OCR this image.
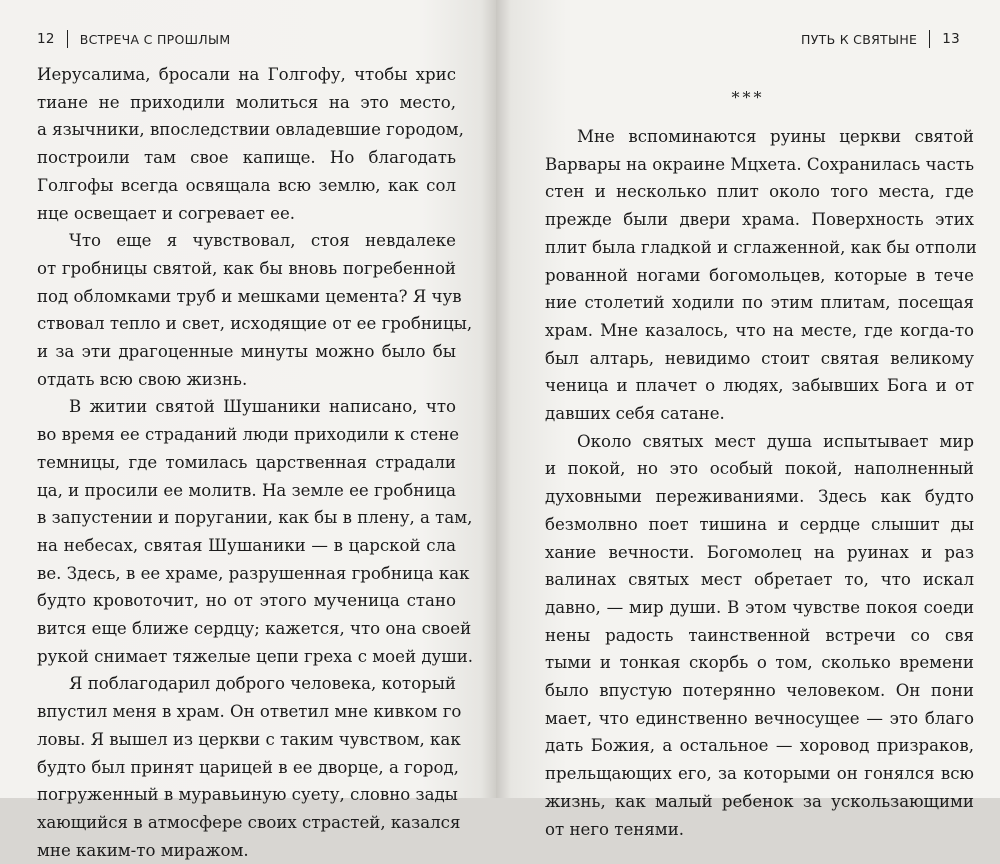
12 ВСТРЕЧА С ПРОШЛЫМ
Иерусалима, бросали на Голгофу, чтобы хрис
тиане не приходили молиться на это место,
а язычники, впоследствии овладевшие городом,
построили там свое капище. Но благодать
Голгофы всегда освящала всю землю, как сол
нце освещает и согревает ее.
Что еще я чувствовал, стоя невдалеке
от гробницы святой, как бы вновь погребенной
под обломками труб и мешками цемента? Я чув
ствовал тепло и свет, исходящие от ее гробницы,
и за эти драгоценные минуты можно было бы
отдать всю свою жизнь.
В житии святой Шушаники написано, что
во время ее страданий люди приходили к стене
темницы, где томилась царственная страдали
ца, и просили ее молитв. На земле ее гробница
в запустении и поругании, как бы в плену, а там,
на небесах, святая Шушаники — в царской сла
ве. Здесь, в ее храме, разрушенная гробница как
будто кровоточит, но от этого мученица стано
вится еще ближе сердцу; кажется, что она своей
рукой снимает тяжелые цепи греха с моей души.
Я поблагодарил доброго человека, который
впустил меня в храм. Он ответил мне кивком го
ловы. Я вышел из церкви с таким чувством, как
будто был принят царицей в ее дворце, а город,
погруженный в муравьиную суету, словно зады
хающийся в атмосфере своих страстей, казался
мне каким-то миражом.
ПУТЬ К СВЯТЫНЕ 13
***
Мне вспоминаются руины церкви святой
Варвары на окраине Мцхета. Сохранилась часть
стен и несколько плит около того места, где
прежде были двери храма. Поверхность этих
плит была гладкой и сглаженной, как бы отполи
рованной ногами богомольцев, которые в тече
ние столетий ходили по этим плитам, посещая
храм. Мне казалось, что на месте, где когда-то
был алтарь, невидимо стоит святая великому
ченица и плачет о людях, забывших Бога и от
давших себя сатане.
Около святых мест душа испытывает мир
и покой, но это особый покой, наполненный
духовными переживаниями. Здесь как будто
безмолвно поет тишина и сердце слышит ды
хание вечности. Богомолец на руинах и раз
валинах святых мест обретает то, что искал
давно, — мир души. В этом чувстве покоя соеди
нены радость таинственной встречи со свя
тыми и тонкая скорбь о том, сколько времени
было впустую потерянно человеком. Он пони
мает, что единственно вечносущее — это благо
дать Божия, а остальное — хоровод призраков,
прельщающих его, за которыми он гонялся всю
жизнь, как малый ребенок за ускользающими
от него тенями.
